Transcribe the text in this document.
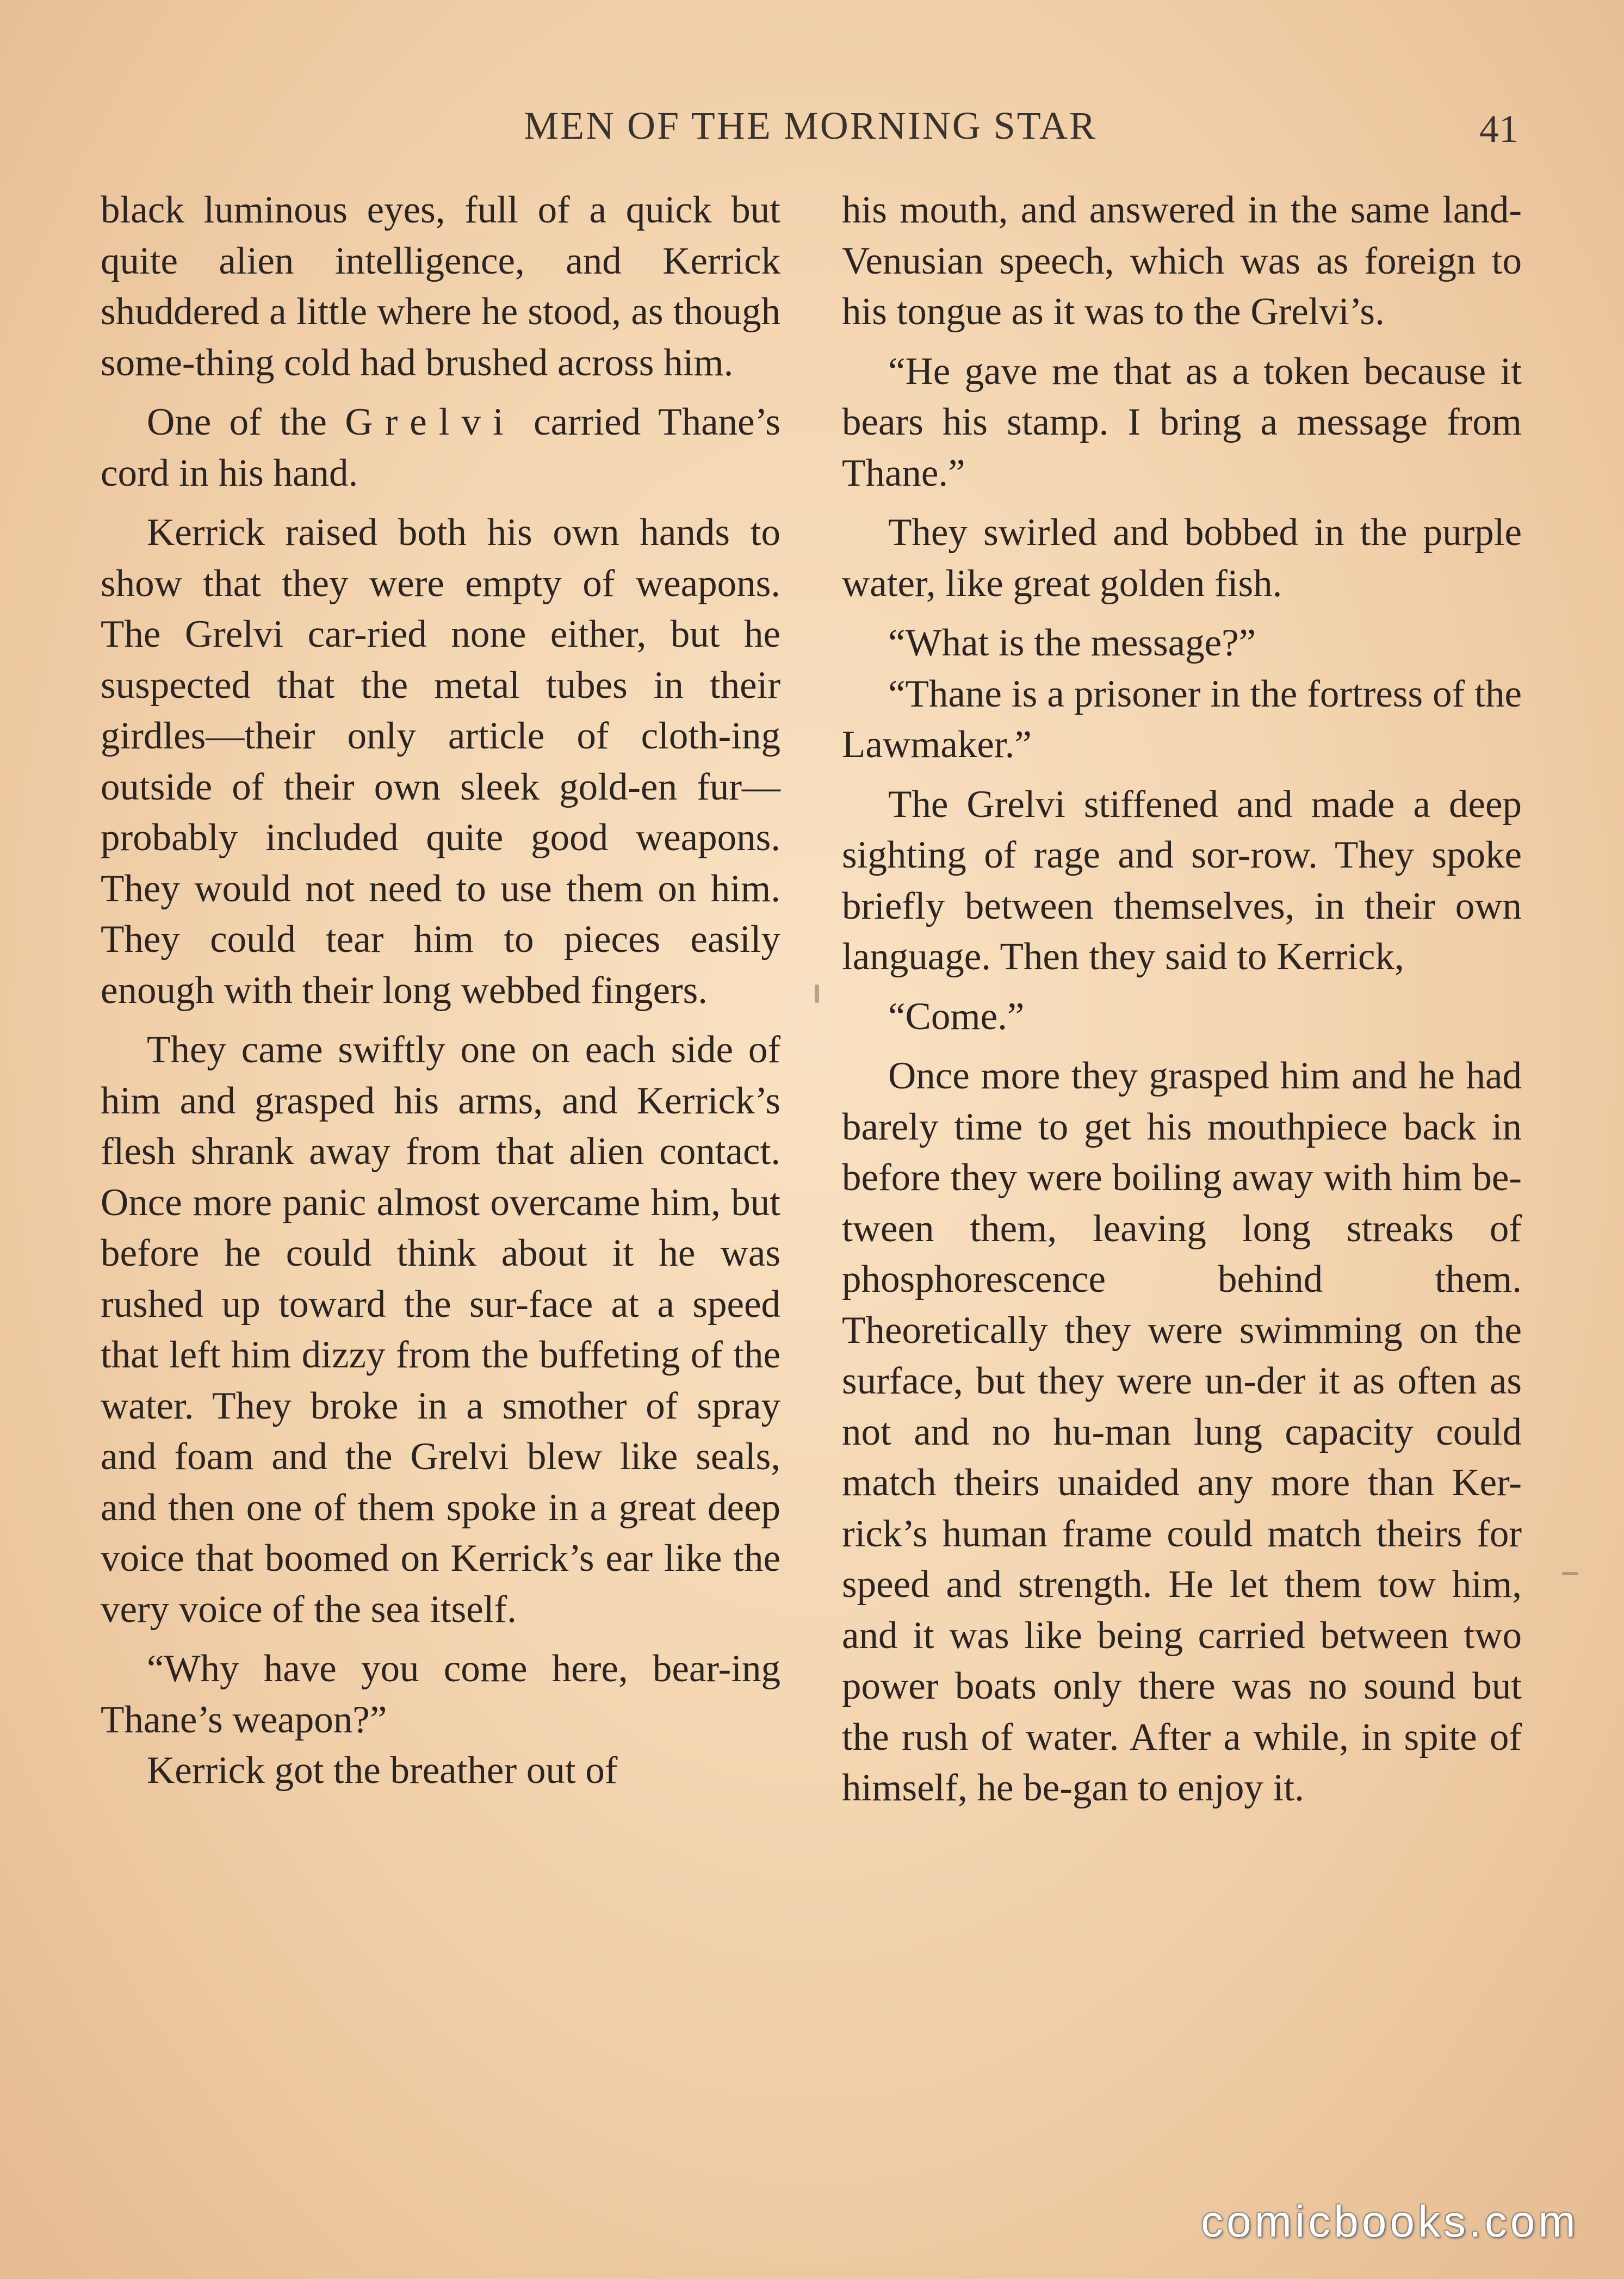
MEN OF THE MORNING STAR	41

black luminous eyes, full of a quick but quite alien intelligence, and Kerrick shuddered a little where he stood, as though some-thing cold had brushed across him.

One of the Grelvi carried Thane’s cord in his hand.

Kerrick raised both his own hands to show that they were empty of weapons. The Grelvi car-ried none either, but he suspected that the metal tubes in their girdles—their only article of cloth-ing outside of their own sleek gold-en fur—probably included quite good weapons. They would not need to use them on him. They could tear him to pieces easily enough with their long webbed fingers.

They came swiftly one on each side of him and grasped his arms, and Kerrick’s flesh shrank away from that alien contact. Once more panic almost overcame him, but before he could think about it he was rushed up toward the sur-face at a speed that left him dizzy from the buffeting of the water. They broke in a smother of spray and foam and the Grelvi blew like seals, and then one of them spoke in a great deep voice that boomed on Kerrick’s ear like the very voice of the sea itself.

“Why have you come here, bear-ing Thane’s weapon?”

Kerrick got the breather out of

his mouth, and answered in the same land-Venusian speech, which was as foreign to his tongue as it was to the Grelvi’s.

“He gave me that as a token because it bears his stamp. I bring a message from Thane.”

They swirled and bobbed in the purple water, like great golden fish.

“What is the message?”

“Thane is a prisoner in the fortress of the Lawmaker.”

The Grelvi stiffened and made a deep sighting of rage and sor-row. They spoke briefly between themselves, in their own language. Then they said to Kerrick,

“Come.”

Once more they grasped him and he had barely time to get his mouthpiece back in before they were boiling away with him be-tween them, leaving long streaks of phosphorescence behind them. Theoretically they were swimming on the surface, but they were un-der it as often as not and no hu-man lung capacity could match theirs unaided any more than Ker-rick’s human frame could match theirs for speed and strength. He let them tow him, and it was like being carried between two power boats only there was no sound but the rush of water. After a while, in spite of himself, he be-gan to enjoy it.

comicbooks.com
